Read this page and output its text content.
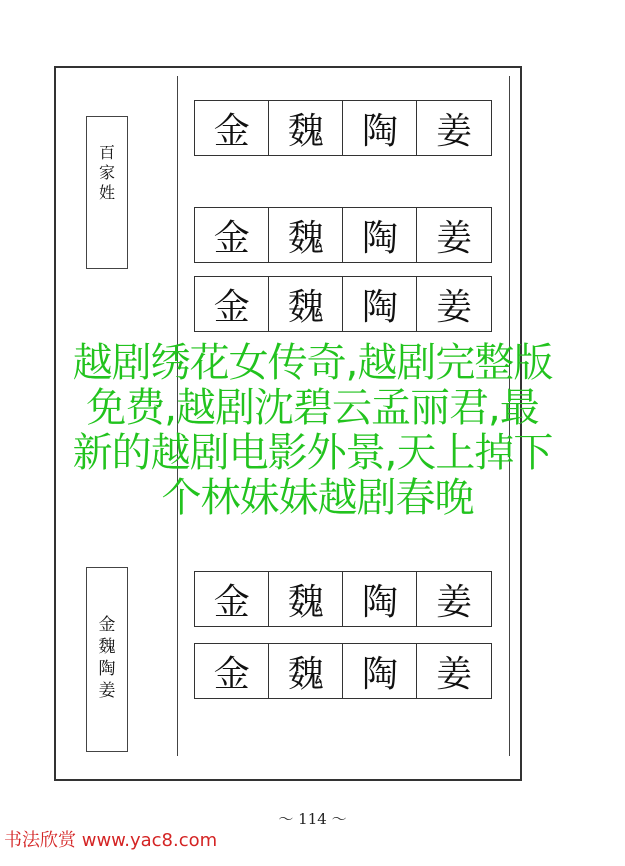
百
家
姓
金
魏
陶
姜
金	魏	陶	姜
金	魏	陶	姜
金	魏	陶	姜
金	魏	陶	姜
金	魏	陶	姜
～ 114 ～
越剧绣花女传奇,越剧完整版
免费,越剧沈碧云孟丽君,最
新的越剧电影外景,天上掉下
个林妹妹越剧春晚
书法欣赏 www.yac8.com
